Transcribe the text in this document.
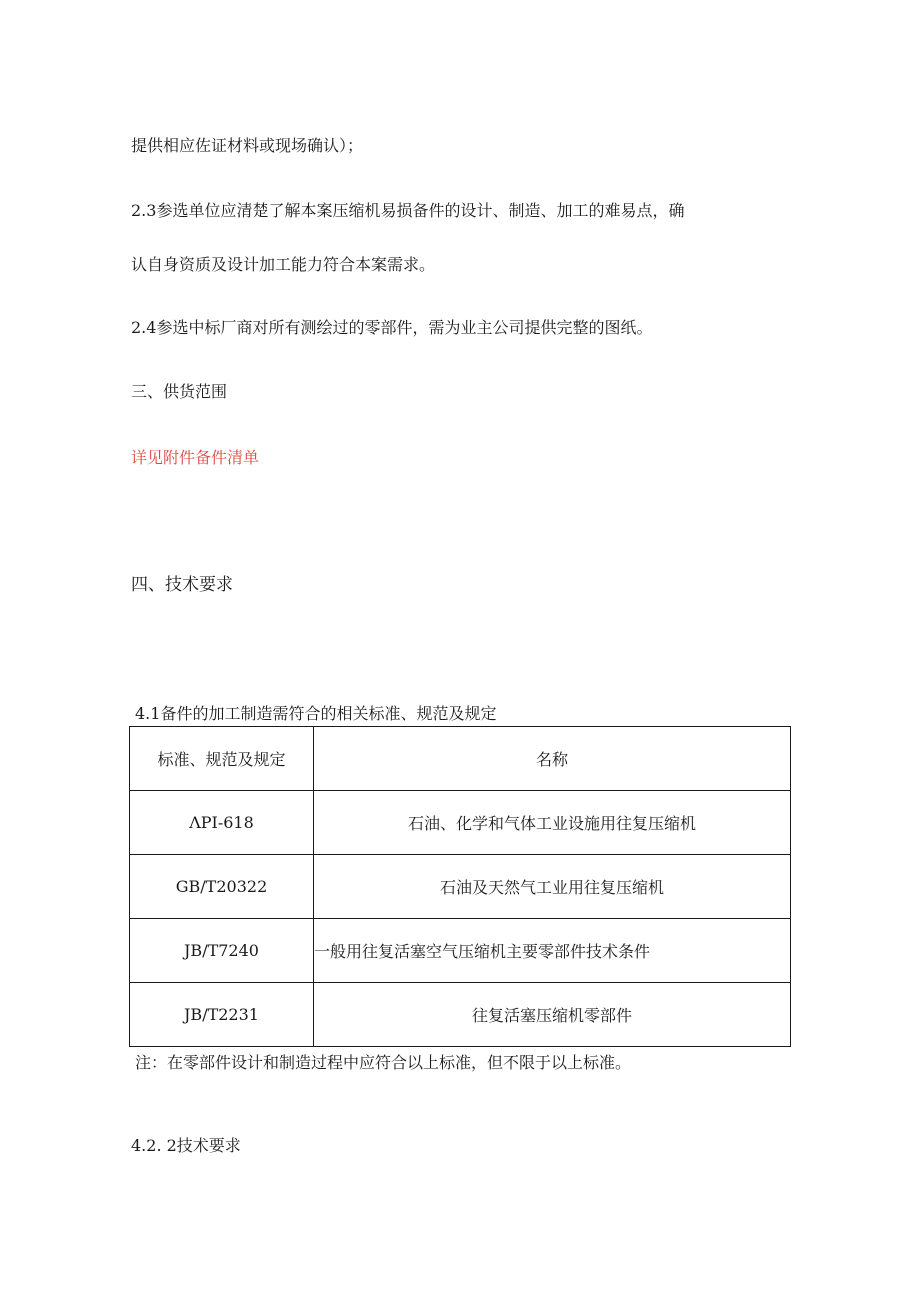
提供相应佐证材料或现场确认）；

2.3参选单位应清楚了解本案压缩机易损备件的设计、制造、加工的难易点，确

认自身资质及设计加工能力符合本案需求。

2.4参选中标厂商对所有测绘过的零部件，需为业主公司提供完整的图纸。

三、供货范围

详见附件备件清单

四、技术要求

4.1备件的加工制造需符合的相关标准、规范及规定
标准、规范及规定	名称
ΛPI-618	石油、化学和气体工业设施用往复压缩机
GB/T20322	石油及天然气工业用往复压缩机
JB/T7240	一般用往复活塞空气压缩机主要零部件技术条件
JB/T2231	往复活塞压缩机零部件
注：在零部件设计和制造过程中应符合以上标准，但不限于以上标准。

4.2. 2技术要求
